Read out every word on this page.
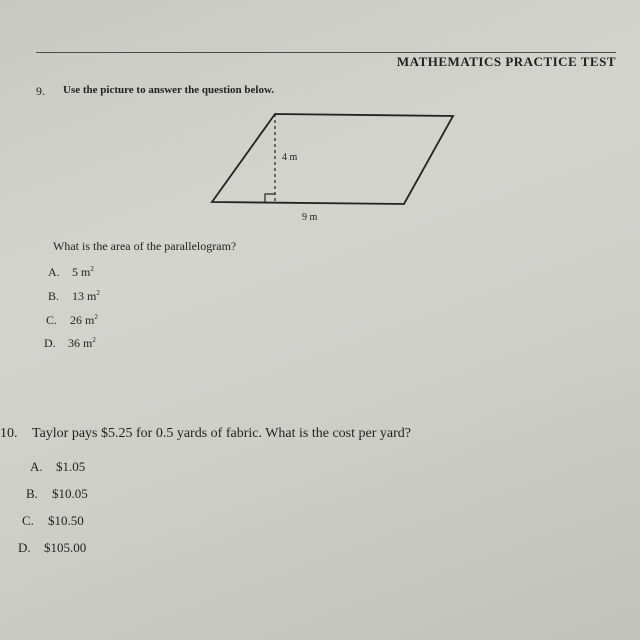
MATHEMATICS PRACTICE TEST
9. Use the picture to answer the question below.
4 m
9 m
What is the area of the parallelogram?
A. 5 $m^2$
B. 13 $m^2$
C. 26 $m^2$
D. 36 $m^2$
10. Taylor pays $5.25 for 0.5 yards of fabric. What is the cost per yard?
A. $1.05
B. $10.05
C. $10.50
D. $105.00
